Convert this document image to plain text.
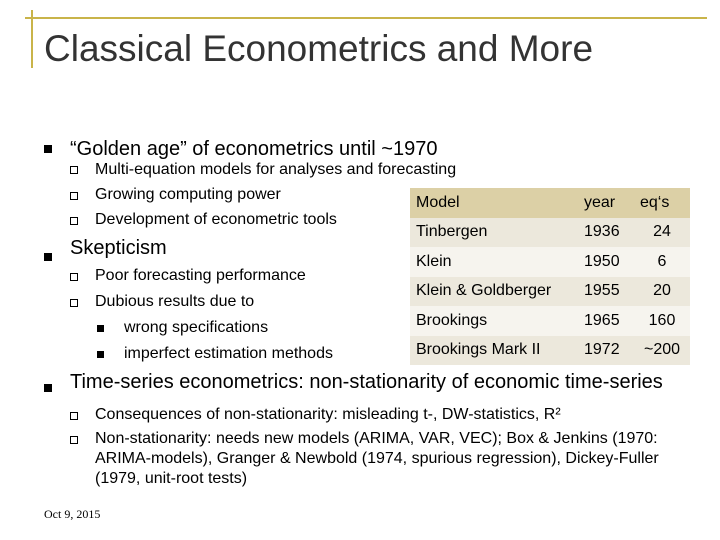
Classical Econometrics and More
“Golden age” of econometrics until ~1970
Multi-equation models for analyses and forecasting
Growing computing power
Development of econometric tools
Skepticism
Poor forecasting performance
Dubious results due to
wrong specifications
imperfect estimation methods
Time-series econometrics: non-stationarity of economic time-series
Consequences of non-stationarity: misleading t-, DW-statistics, R²
Non-stationarity: needs new models (ARIMA, VAR, VEC); Box & Jenkins (1970: ARIMA-models), Granger & Newbold (1974, spurious regression), Dickey-Fuller (1979, unit-root tests)
Model	year	eq‘s
Tinbergen	1936	24
Klein	1950	6
Klein & Goldberger	1955	20
Brookings	1965	160
Brookings Mark II	1972	~200
Oct 9, 2015
